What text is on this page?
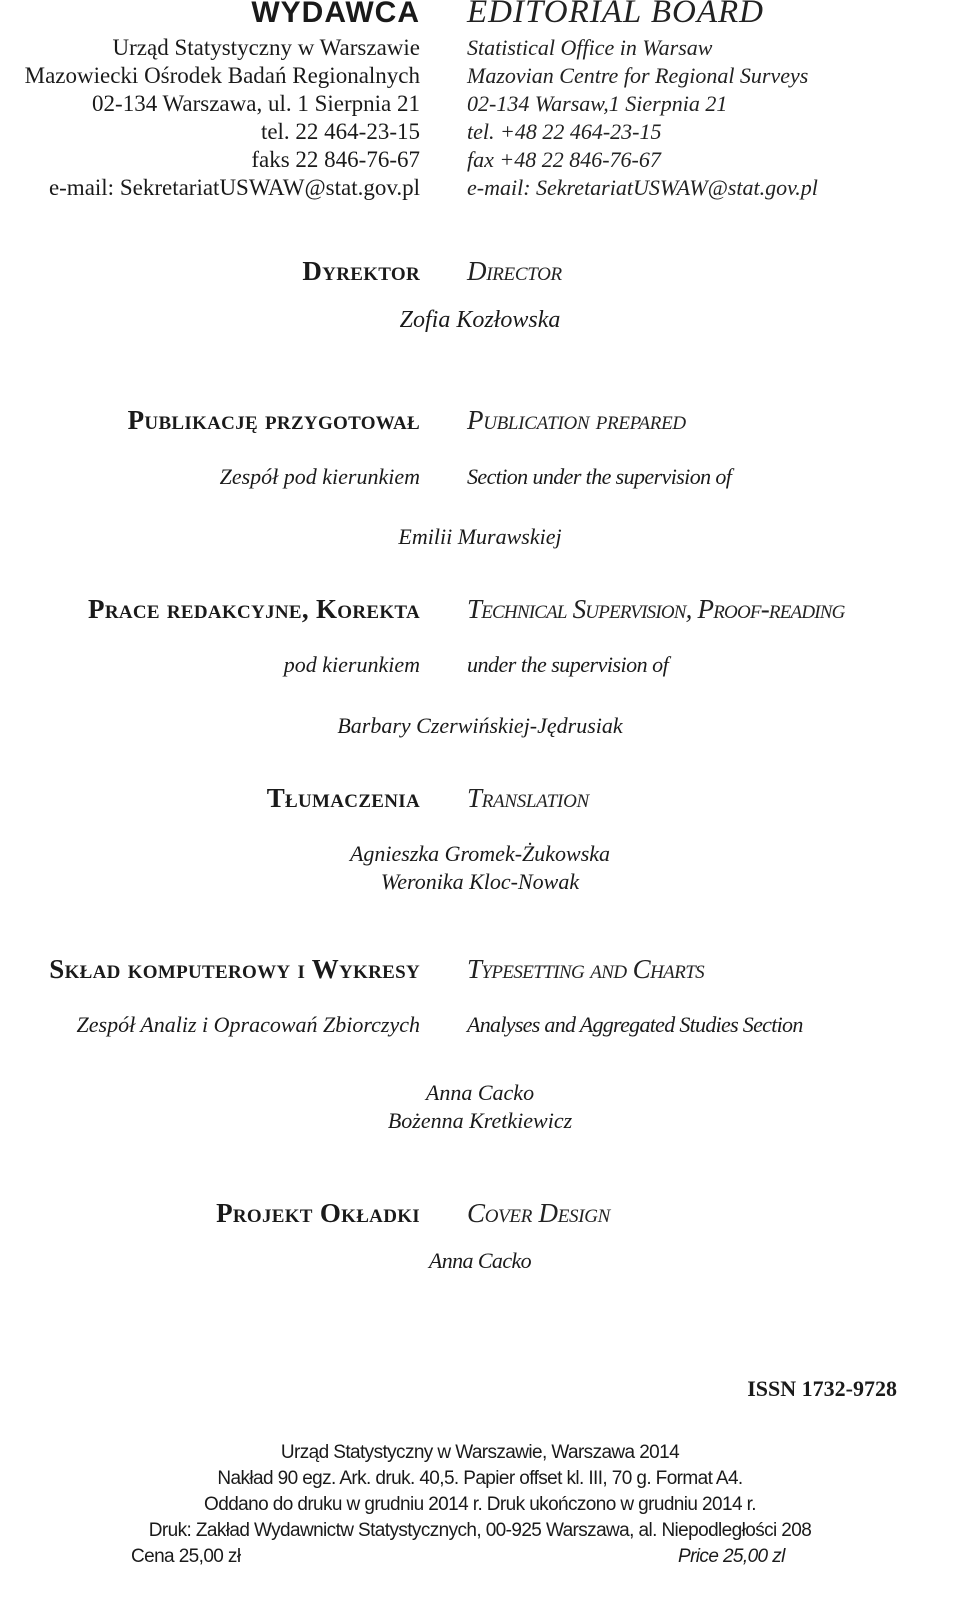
WYDAWCA EDITORIAL BOARD
Urząd Statystyczny w Warszawie
Mazowiecki Ośrodek Badań Regionalnych
02-134 Warszawa, ul. 1 Sierpnia 21
tel. 22 464-23-15
faks 22 846-76-67
e-mail: SekretariatUSWAW@stat.gov.pl
Statistical Office in Warsaw
Mazovian Centre for Regional Surveys
02-134 Warsaw,1 Sierpnia 21
tel. +48 22 464-23-15
fax +48 22 846-76-67
e-mail: SekretariatUSWAW@stat.gov.pl
Dyrektor Director
Zofia Kozłowska
Publikację przygotował Publication prepared
Zespół pod kierunkiem Section under the supervision of
Emilii Murawskiej
Prace redakcyjne, Korekta Technical Supervision, Proof-reading
pod kierunkiem under the supervision of
Barbary Czerwińskiej-Jędrusiak
Tłumaczenia Translation
Agnieszka Gromek-Żukowska
Weronika Kloc-Nowak
Skład komputerowy i Wykresy Typesetting and Charts
Zespół Analiz i Opracowań Zbiorczych Analyses and Aggregated Studies Section
Anna Cacko
Bożenna Kretkiewicz
Projekt Okładki Cover Design
Anna Cacko
ISSN 1732-9728
Urząd Statystyczny w Warszawie, Warszawa 2014
Nakład 90 egz. Ark. druk. 40,5. Papier offset kl. III, 70 g. Format A4.
Oddano do druku w grudniu 2014 r. Druk ukończono w grudniu 2014 r.
Druk: Zakład Wydawnictw Statystycznych, 00-925 Warszawa, al. Niepodległości 208
Cena 25,00 zł	Price 25,00 zl
